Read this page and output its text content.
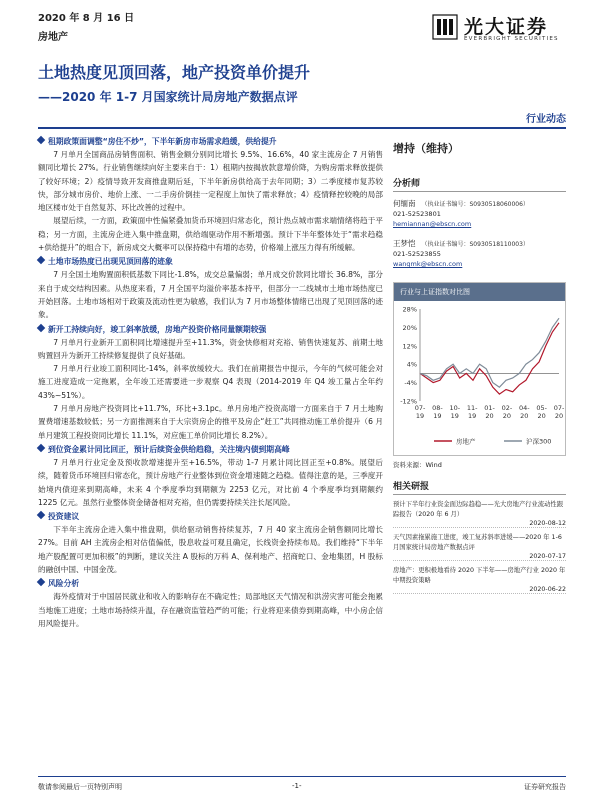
2020 年 8 月 16 日
房地产	光大证券
EVERBRIGHT SECURITIES
土地热度见顶回落，地产投资单价提升
——2020 年 1-7 月国家统计局房地产数据点评
行业动态
租期政策面调整“房住不炒”，下半年新房市场需求趋缓，供给提升

7 月单月全国商品房销售面积、销售金额分别同比增长 9.5%、16.6%，40 家主流房企 7 月销售额同比增长 27%。行业销售继续向好主要来自于：1）租期内按揭放款意增价降，为购房需求释放提供了较好环境；2）疫情导致开发商推盘期后延，下半年新房供给高于去年同期；3）二季度楼市复苏较快，部分城市房价、地价上涨、一二手房价倒挂一定程度上加快了需求释放；4）疫情释控较晚的局部地区楼市处于自然复苏、环比改善的过程中。

展望后续，一方面，政策面中性偏紧叠加货币环境回归常态化，预计热点城市需求端情绪将趋于平稳；另一方面，主流房企进入集中推盘期，供给端驱动作用不断增强。预计下半年整体处于“需求趋稳+供给提升”的组合下，新房成交大概率可以保持稳中有增的态势，价格端上涨压力得有所缓解。

土地市场热度已出现见顶回落的迹象

7 月全国土地购置面积低基数下同比-1.8%，成交总量偏弱；单月成交价款同比增长 36.8%，部分来自于成交结构因素。从热度来看，7 月全国平均溢价率基本持平，但部分一二线城市土地市场热度已开始回落。土地市场相对于政策及流动性更为敏感，我们认为 7 月市场整体情绪已出现了见顶回落的迹象。

新开工持续向好，竣工斜率放缓，房地产投资价格同量额期较强

7 月单月行业新开工面积同比增速提升至+11.3%，资金快修相对充裕、销售快速复苏、前期土地购置回升为新开工持续修复提供了良好基础。

7 月单月行业竣工面积同比-14%，斜率放缓较大。我们在前期报告中提示，今年的气候可能会对施工进度造成一定拖累，全年竣工还需要进一步观察 Q4 表现（2014-2019 年 Q4 竣工量占全年约 43%~51%）。

7 月单月房地产投资同比+11.7%，环比+3.1pc。单月房地产投资高增一方面来自于 7 月土地购置费增速基数较低；另一方面推测来自于大宗资房企的推平及房企“赶工”共同推动施工单价提升（6 月单月建筑工程投资同比增长 11.1%，对应施工单价同比增长 8.2%）。

到位资金累计同比回正，预计后续资金供给趋稳，关注境内债到期高峰

7 月单月行业定金及预收款增速提升至+16.5%，带动 1-7 月累计同比回正至+0.8%。展望后续，随着货币环境回归常态化，预计房地产行业整体到位资金增速随之趋稳。值得注意的是，三季度开始境内债迎来到期高峰，未来 4 个季度季均到期额为 2253 亿元，对比前 4 个季度季均到期额约 1225 亿元。虽然行业整体资金储备相对充裕，但仍需要持续关注长尾风险。

投资建议

下半年主流房企进入集中推盘期，供给驱动销售持续复苏，7 月 40 家主流房企销售额同比增长 27%。目前 AH 主流房企相对估值偏低，股息收益可观且确定，长线资金持续布局。我们维持“下半年地产股配置可更加积极”的判断，建议关注 A 股标的万科 A、保利地产、招商蛇口、金地集团，H 股标的融创中国、中国金茂。

风险分析

海外疫情对于中国居民就业和收入的影响存在不确定性；局部地区天气情况和洪涝灾害可能会拖累当地施工进度；土地市场持续升温，存在融资监管趋严的可能；行业将迎来债券到期高峰，中小房企信用风险提升。

增持（维持）
分析师
何缅南 （执业证书编号：S0930518060006）
021-52523801
hemiannan@ebscn.com
王梦恺 （执业证书编号：S0930518110003）
021-52523855
wangmk@ebscn.com
行业与上证指数对比图
28%
20%
12%
4%
-4%
-12%
07-
19
08-
19
10-
19
11-
19
01-
20
02-
20
04-
20
05-
20
07-
20
房地产	沪深300
资料来源：Wind
相关研报
预计下半年行业资金面边际趋稳——光大房地产行业流动性跟踪报告（2020 年 6 月）
2020-08-12
天气因素拖累施工进度，竣工复苏斜率进缓——2020 年 1-6 月国家统计局房地产数据点评
2020-07-17
房地产：更积极地看待 2020 下半年——房地产行业 2020 年中期投资策略
2020-06-22
敬请参阅最后一页特别声明	-1-	证券研究报告
